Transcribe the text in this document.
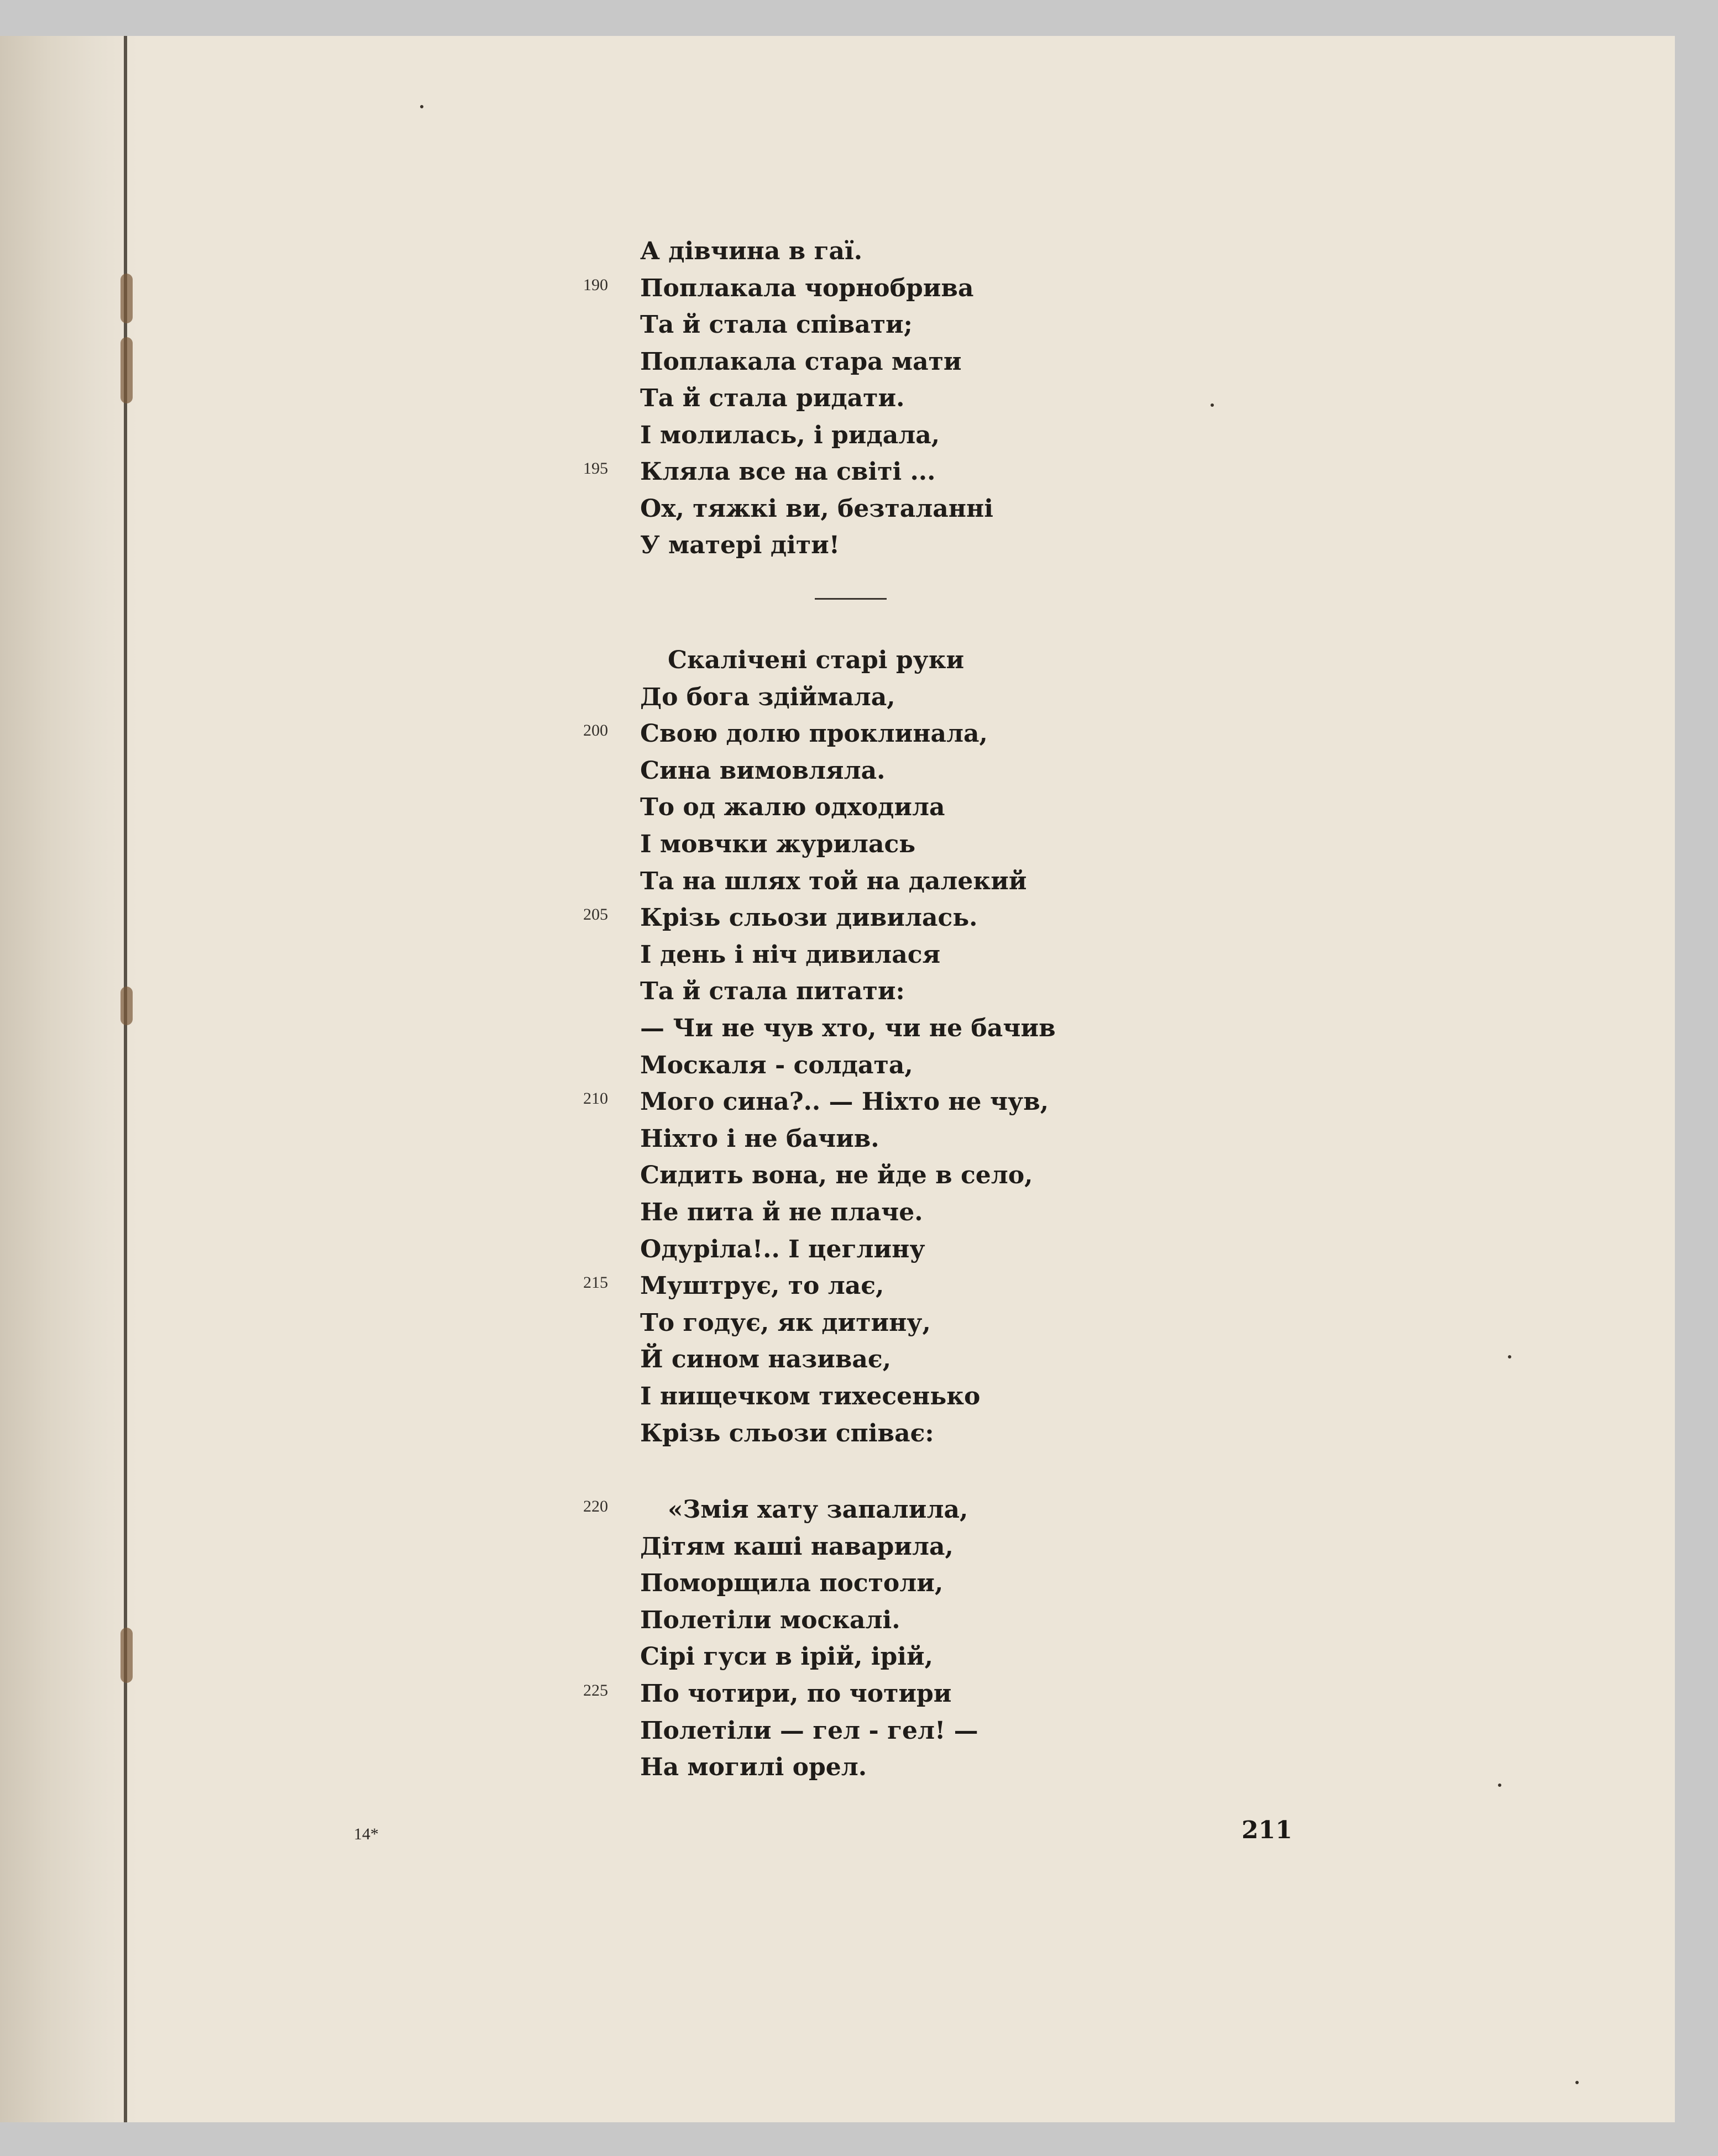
А дівчина в гаї.
190 Поплакала чорнобрива
Та й стала співати;
Поплакала стара мати
Та й стала ридати.
І молилась, і ридала,
195 Кляла все на світі ...
Ох, тяжкі ви, безталанні
У матері діти!
Скалічені старі руки
До бога здіймала,
200 Свою долю проклинала,
Сина вимовляла.
То од жалю одходила
І мовчки журилась
Та на шлях той на далекий
205 Крізь сльози дивилась.
І день і ніч дивилася
Та й стала питати:
— Чи не чув хто, чи не бачив
Москаля - солдата,
210 Мого сина?.. — Ніхто не чув,
Ніхто і не бачив.
Сидить вона, не йде в село,
Не пита й не плаче.
Одуріла!.. І цеглину
215 Муштрує, то лає,
То годує, як дитину,
Й сином називає,
І нищечком тихесенько
Крізь сльози співає:
220 «Змія хату запалила,
Дітям каші наварила,
Поморщила постоли,
Полетіли москалі.
Сірі гуси в ірій, ірій,
225 По чотири, по чотири
Полетіли — гел - гел! —
На могилі орел.
14*	211
